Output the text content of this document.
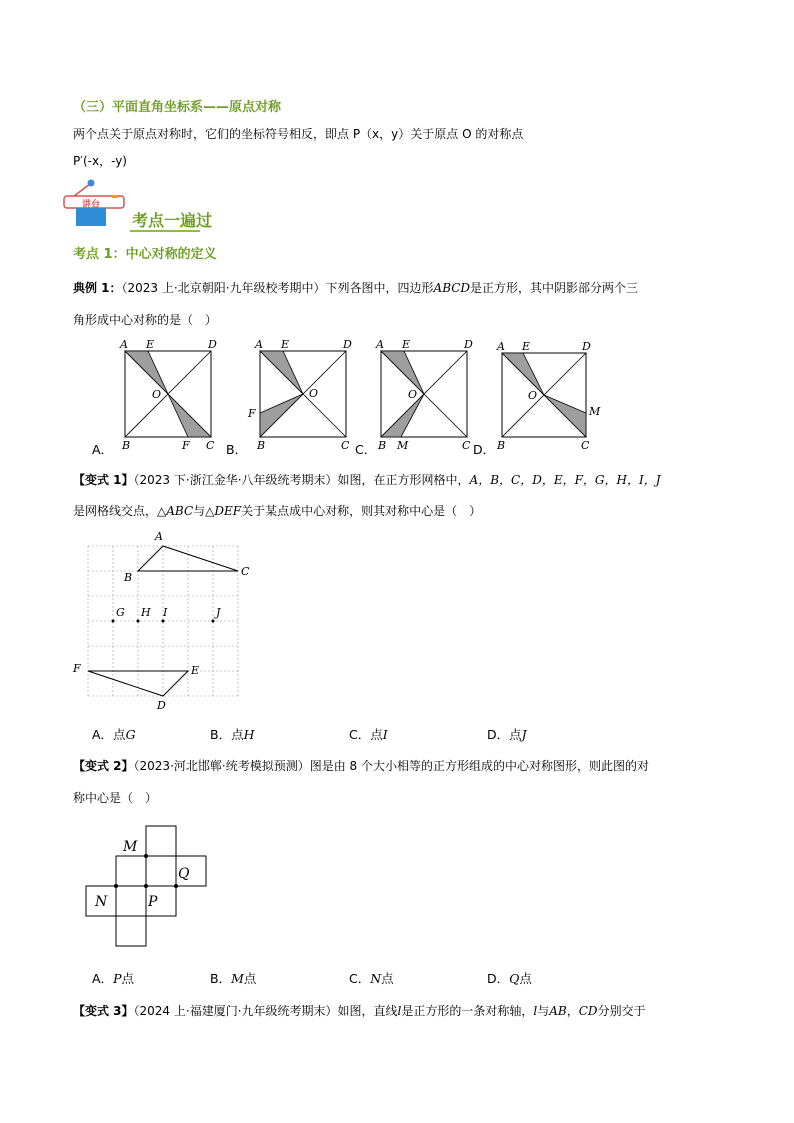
（三）平面直角坐标系——原点对称
两个点关于原点对称时，它们的坐标符号相反，即点 P（x，y）关于原点 O 的对称点
P′(-x，-y)
讲台
考点一遍过
考点 1：中心对称的定义
典例 1：（2023 上·北京朝阳·九年级校考期中）下列各图中，四边形ABCD是正方形，其中阴影部分两个三
角形成中心对称的是（　）
A E	D
O
B	F C
A．
A E	D
O
F
B	C
B．
A E	D
O
B M	C
C．
A E	D
O
M
B	C
D．
【变式 1】（2023 下·浙江金华·八年级统考期末）如图，在正方形网格中，A，B，C，D，E，F，G，H，I，J
是网格线交点，△ABC与△DEF关于某点成中心对称，则其对称中心是（　）
A
B	C
G H I	J
F	E
D
A．点G	B．点H	C．点I	D．点J
【变式 2】（2023·河北邯郸·统考模拟预测）图是由 8 个大小相等的正方形组成的中心对称图形，则此图的对
称中心是（　）
M
Q
N	P
A．P点	B．M点	C．N点	D．Q点
【变式 3】（2024 上·福建厦门·九年级统考期末）如图，直线l是正方形的一条对称轴，l与AB，CD分别交于
